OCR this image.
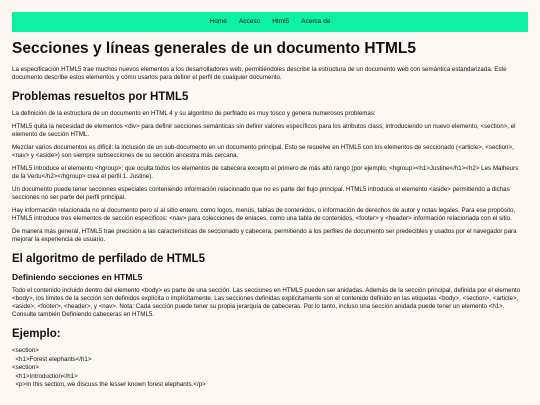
Home	Acceso	Html5	Acerca de
Secciones y líneas generales de un documento HTML5

La especificación HTML5 trae muchos nuevos elementos a los desarrolladores web, permitiéndoles describir la estructura de un documento web con semántica estandarizada. Este documento describe estos elementos y cómo usarlos para definir el perfil de cualquier documento.

Problemas resueltos por HTML5

La definición de la estructura de un documento en HTML 4 y su algoritmo de perfilado es muy tosco y genera numerosos problemas:

HTML5 quita la necesidad de elementos <div> para definir secciones semánticas sin definir valores específicos para los atributos class, introduciendo un nuevo elemento, <section>, el elemento de sección HTML.

Mezclar varios documentos es difícil: la inclusión de un sub-documento en un documento principal. Esto se resuelve en HTML5 con los elementos de seccionado (<article>, <section>, <nav> y <aside>) son siempre subsecciones de su sección ancestra más cercana.

HTML5 introduce el elemento <hgroup>; que oculta todos los elementos de cabecera excepto el primero de más alto rango (por ejemplo, <hgroup><h1>Justine</h1><h2> Les Malheurs de la Vertu</h2></hgroup> crea el perfil 1. Justine).

Un documento puede tener secciones especiales conteniendo información relacionado que no es parte del flujo principal. HTML5 introduce el elemento <aside> permitiendo a dichas secciones no ser parte del perfil principal.

Hay información relacionada no al documento pero sí al sitio entero, como logos, menús, tablas de contenidos, o información de derechos de autor y notas legales. Para ese propósito, HTML5 introduce tres elementos de sección específicos: <nav> para colecciones de enlaces, como una tabla de contenidos, <footer> y <header> información relacionada con el sitio.

De manera más general, HTML5 trae precisión a las características de seccionado y cabecera, permitiendo a los perfiles de documento ser predecibles y usados por el navegador para mejorar la experiencia de usuario.

El algoritmo de perfilado de HTML5
Definiendo secciones en HTML5

Todo el contenido incluido dentro del elemento <body> es parte de una sección. Las secciones en HTML5 pueden ser anidadas. Además de la sección principal, definida por el elemento <body>, los límites de la sección son definidos explícita o implícitamente. Las secciones definidas explícitamente son el contenido definido en las etiquetas <body>, <section>, <article>, <aside>, <footer>, <header>, y <nav>. Nota: Cada sección puede tener su propia jerarquía de cabeceras. Por lo tanto, incluso una sección anidada puede tener un elemento <h1>. Consulte también Definiendo cabeceras en HTML5.

Ejemplo:
<section>
<h1>Forest elephants</h1>
<section>
<h1>Introduction</h1>
<p>In this section, we discuss the lesser known forest elephants.</p>
